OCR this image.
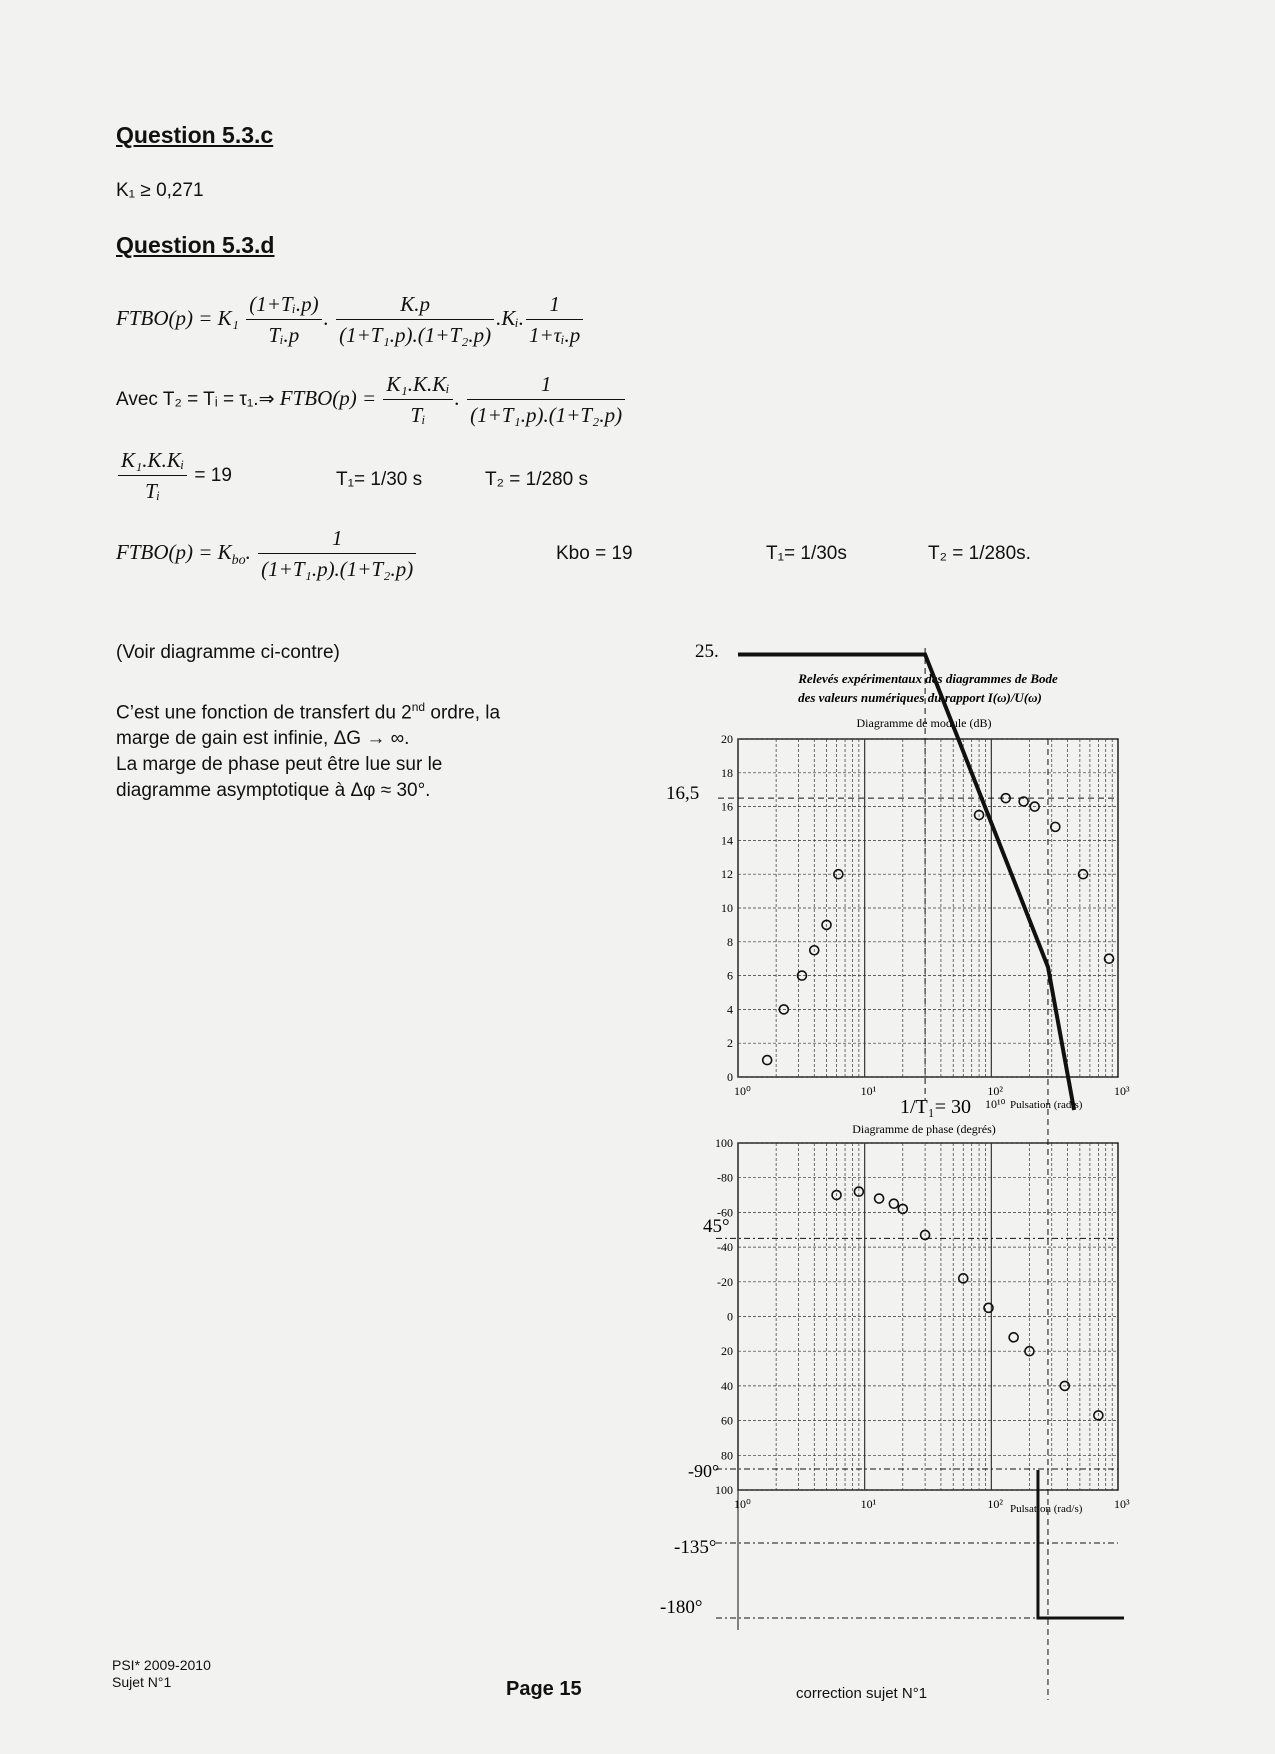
Question 5.3.c
K₁ ≥ 0,271
Question 5.3.d
FTBO(p) = $K_1 \frac{\text{(1+Tᵢ.p)}}{\text{Tᵢ.p}}$ . $\frac{K.p}{\text{(1+T₁.p).(1+T₂.p)}}$ .Kᵢ. $\frac{1}{\text{1+τᵢ.p}}$
Avec T₂ = Tᵢ = τ₁.⇒ FTBO(p) = $\frac{\text{K₁.K.Kᵢ}}{\text{Tᵢ}}$ . $\frac{1}{\text{(1+T₁.p).(1+T₂.p)}}$
$\frac{\text{K₁.K.Kᵢ}}{\text{Tᵢ}} = 19$	T₁= 1/30 s	T₂ = 1/280 s
FTBO(p) = $K_{bo}$. $\frac{1}{\text{(1+T₁.p).(1+T₂.p)}}$	Kbo = 19	T₁= 1/30s	T₂ = 1/280s.
(Voir diagramme ci-contre)
C’est une fonction de transfert du 2nd ordre, la
marge de gain est infinie, ΔG → ∞.
La marge de phase peut être lue sur le
diagramme asymptotique à Δφ ≈ 30°.
0
2
4
6
8
10
12
14
16
18
20
Relevés expérimentaux des diagrammes de Bode
des valeurs numériques du rapport I(ω)/U(ω)
Diagramme de module (dB)
10⁰	10¹	10²	10³
25.
16,5
1/T₁= 30 10¹⁰ Pulsation (rad/s)
100
80
60
40
20
0
-20
-40
-60
-80
100
Diagramme de phase (degrés)
10⁰	10¹	10²	10³
Pulsation (rad/s)
45°
-90°
-135°
-180°
PSI* 2009-2010
Sujet N°1	Page 15	correction sujet N°1
